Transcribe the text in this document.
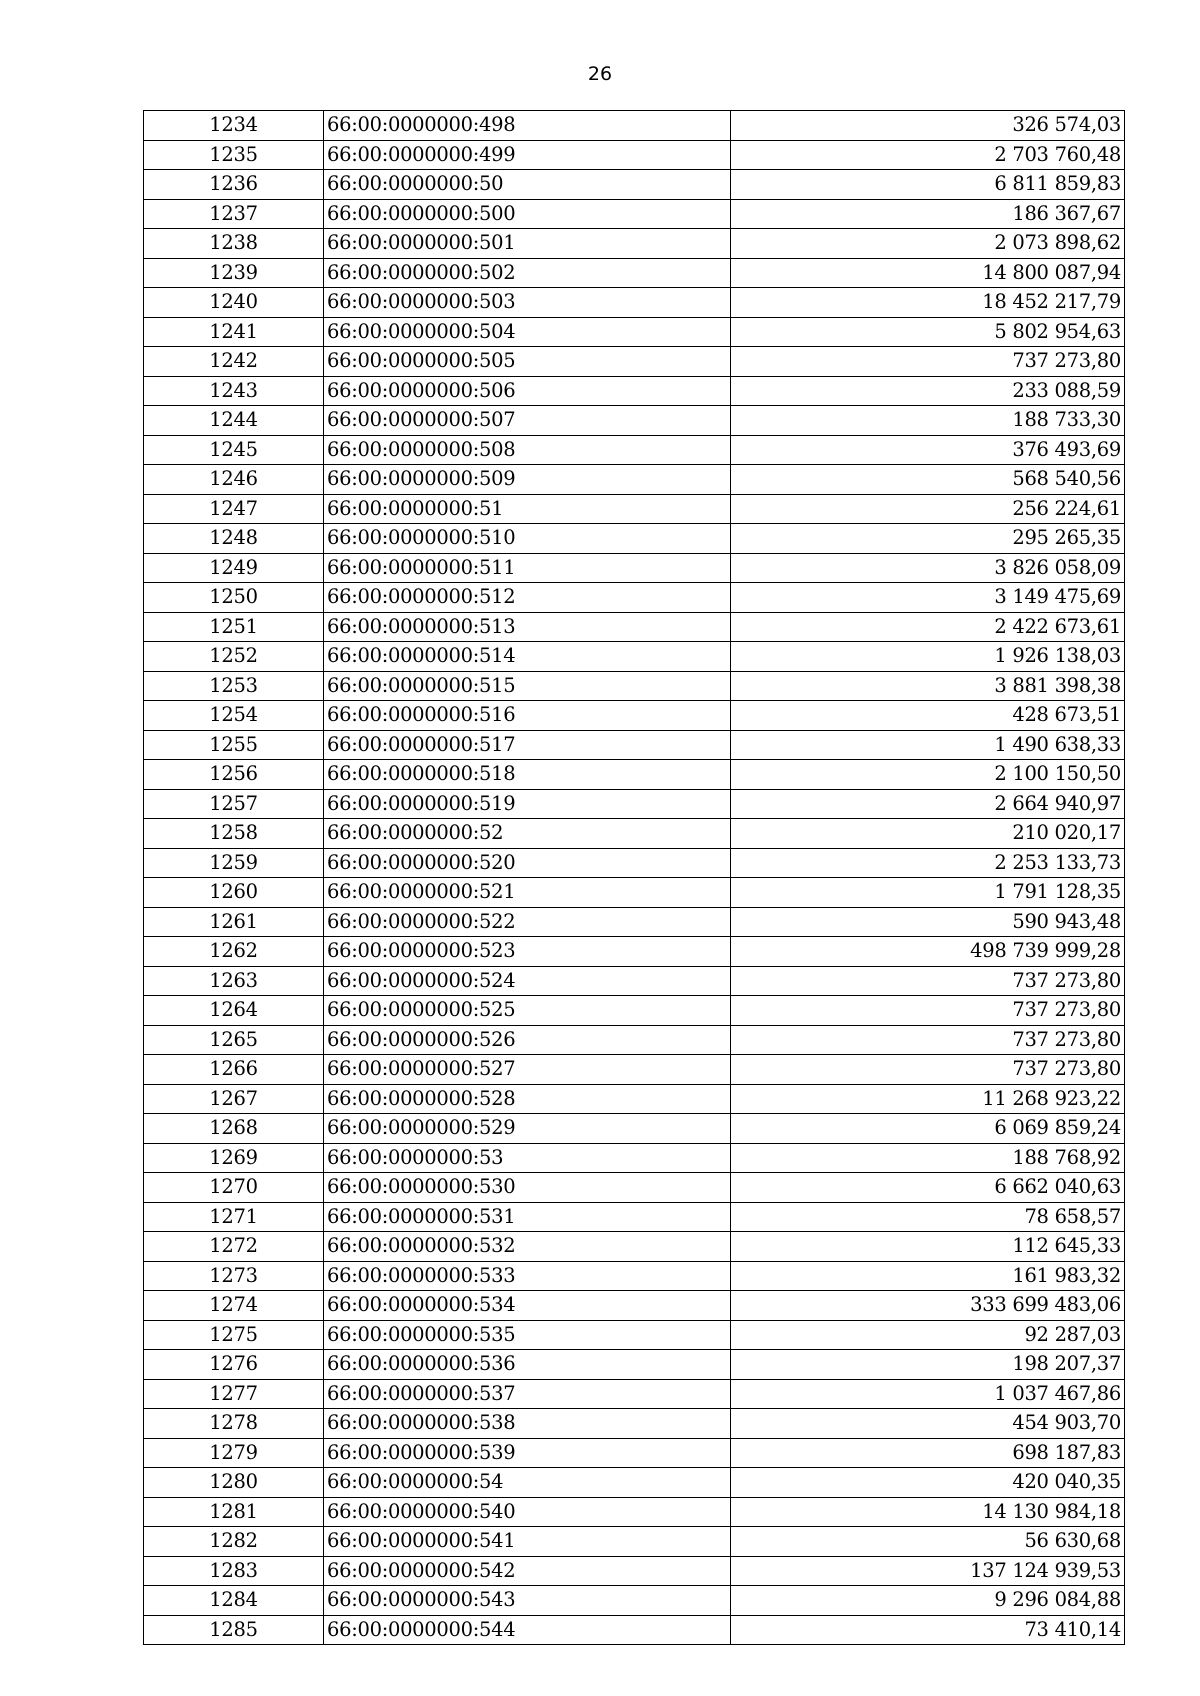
26
1234	66:00:0000000:498	326 574,03
1235	66:00:0000000:499	2 703 760,48
1236	66:00:0000000:50	6 811 859,83
1237	66:00:0000000:500	186 367,67
1238	66:00:0000000:501	2 073 898,62
1239	66:00:0000000:502	14 800 087,94
1240	66:00:0000000:503	18 452 217,79
1241	66:00:0000000:504	5 802 954,63
1242	66:00:0000000:505	737 273,80
1243	66:00:0000000:506	233 088,59
1244	66:00:0000000:507	188 733,30
1245	66:00:0000000:508	376 493,69
1246	66:00:0000000:509	568 540,56
1247	66:00:0000000:51	256 224,61
1248	66:00:0000000:510	295 265,35
1249	66:00:0000000:511	3 826 058,09
1250	66:00:0000000:512	3 149 475,69
1251	66:00:0000000:513	2 422 673,61
1252	66:00:0000000:514	1 926 138,03
1253	66:00:0000000:515	3 881 398,38
1254	66:00:0000000:516	428 673,51
1255	66:00:0000000:517	1 490 638,33
1256	66:00:0000000:518	2 100 150,50
1257	66:00:0000000:519	2 664 940,97
1258	66:00:0000000:52	210 020,17
1259	66:00:0000000:520	2 253 133,73
1260	66:00:0000000:521	1 791 128,35
1261	66:00:0000000:522	590 943,48
1262	66:00:0000000:523	498 739 999,28
1263	66:00:0000000:524	737 273,80
1264	66:00:0000000:525	737 273,80
1265	66:00:0000000:526	737 273,80
1266	66:00:0000000:527	737 273,80
1267	66:00:0000000:528	11 268 923,22
1268	66:00:0000000:529	6 069 859,24
1269	66:00:0000000:53	188 768,92
1270	66:00:0000000:530	6 662 040,63
1271	66:00:0000000:531	78 658,57
1272	66:00:0000000:532	112 645,33
1273	66:00:0000000:533	161 983,32
1274	66:00:0000000:534	333 699 483,06
1275	66:00:0000000:535	92 287,03
1276	66:00:0000000:536	198 207,37
1277	66:00:0000000:537	1 037 467,86
1278	66:00:0000000:538	454 903,70
1279	66:00:0000000:539	698 187,83
1280	66:00:0000000:54	420 040,35
1281	66:00:0000000:540	14 130 984,18
1282	66:00:0000000:541	56 630,68
1283	66:00:0000000:542	137 124 939,53
1284	66:00:0000000:543	9 296 084,88
1285	66:00:0000000:544	73 410,14
